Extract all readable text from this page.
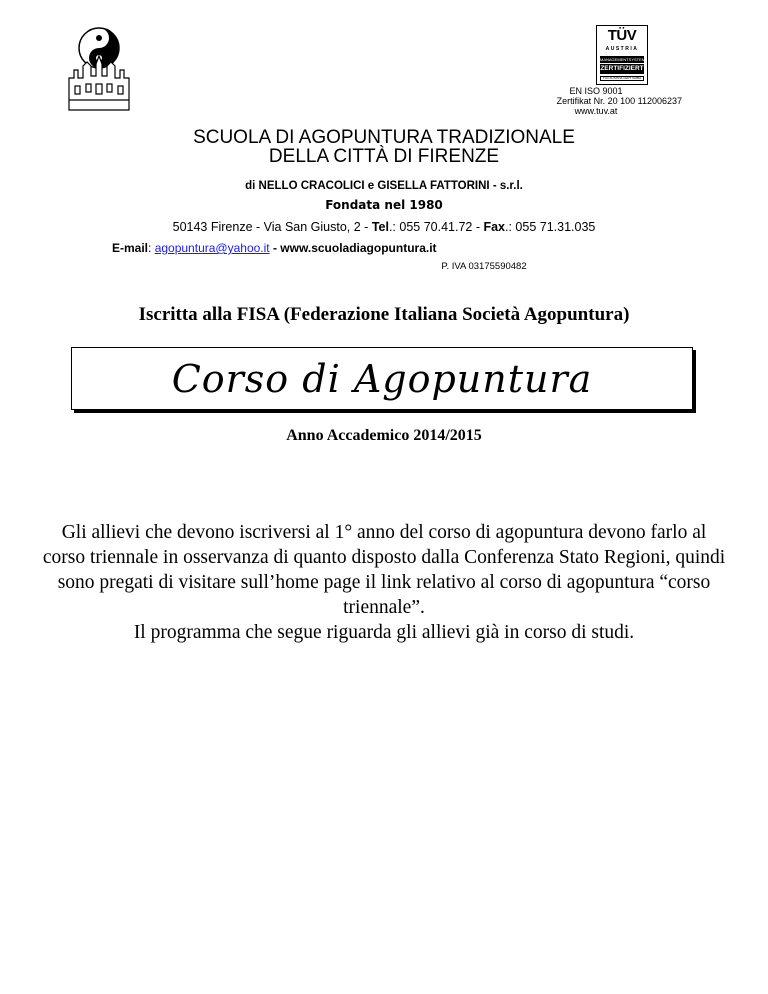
TÜV
AUSTRIA
MANAGEMENTSYSTEM
ZERTIFIZIERT
TÜV AUSTRIA CERT GMBH
EN ISO 9001
Zertifikat Nr. 20 100 112006237
www.tuv.at
SCUOLA DI AGOPUNTURA TRADIZIONALE
DELLA CITTÀ DI FIRENZE
di NELLO CRACOLICI e GISELLA FATTORINI - s.r.l.
Fondata nel 1980
50143 Firenze - Via San Giusto, 2 - Tel.: 055 70.41.72 - Fax.: 055 71.31.035
E-mail: agopuntura@yahoo.it - www.scuoladiagopuntura.it
P. IVA 03175590482
Iscritta alla FISA (Federazione Italiana Società Agopuntura)
Corso di Agopuntura
Anno Accademico 2014/2015

Gli allievi che devono iscriversi al 1° anno del corso di agopuntura devono farlo al corso triennale in osservanza di quanto disposto dalla Conferenza Stato Regioni, quindi sono pregati di visitare sull’home page il link relativo al corso di agopuntura “corso triennale”.

Il programma che segue riguarda gli allievi già in corso di studi.
